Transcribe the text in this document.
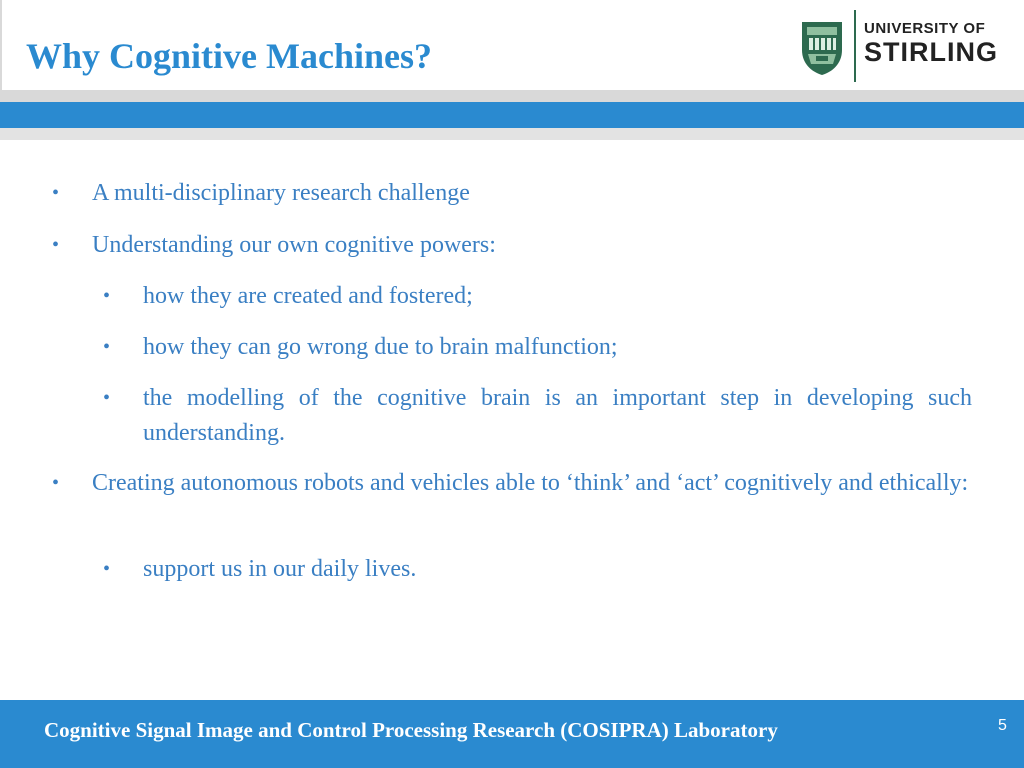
Why Cognitive Machines?
UNIVERSITY OF
STIRLING
• A multi-disciplinary research challenge
• Understanding our own cognitive powers:
• how they are created and fostered;
• how they can go wrong due to brain malfunction;
• the modelling of the cognitive brain is an important step in developing such understanding.
• Creating autonomous robots and vehicles able to ‘think’ and ‘act’ cognitively and ethically:
• support us in our daily lives.
Cognitive Signal Image and Control Processing Research (COSIPRA) Laboratory	5
